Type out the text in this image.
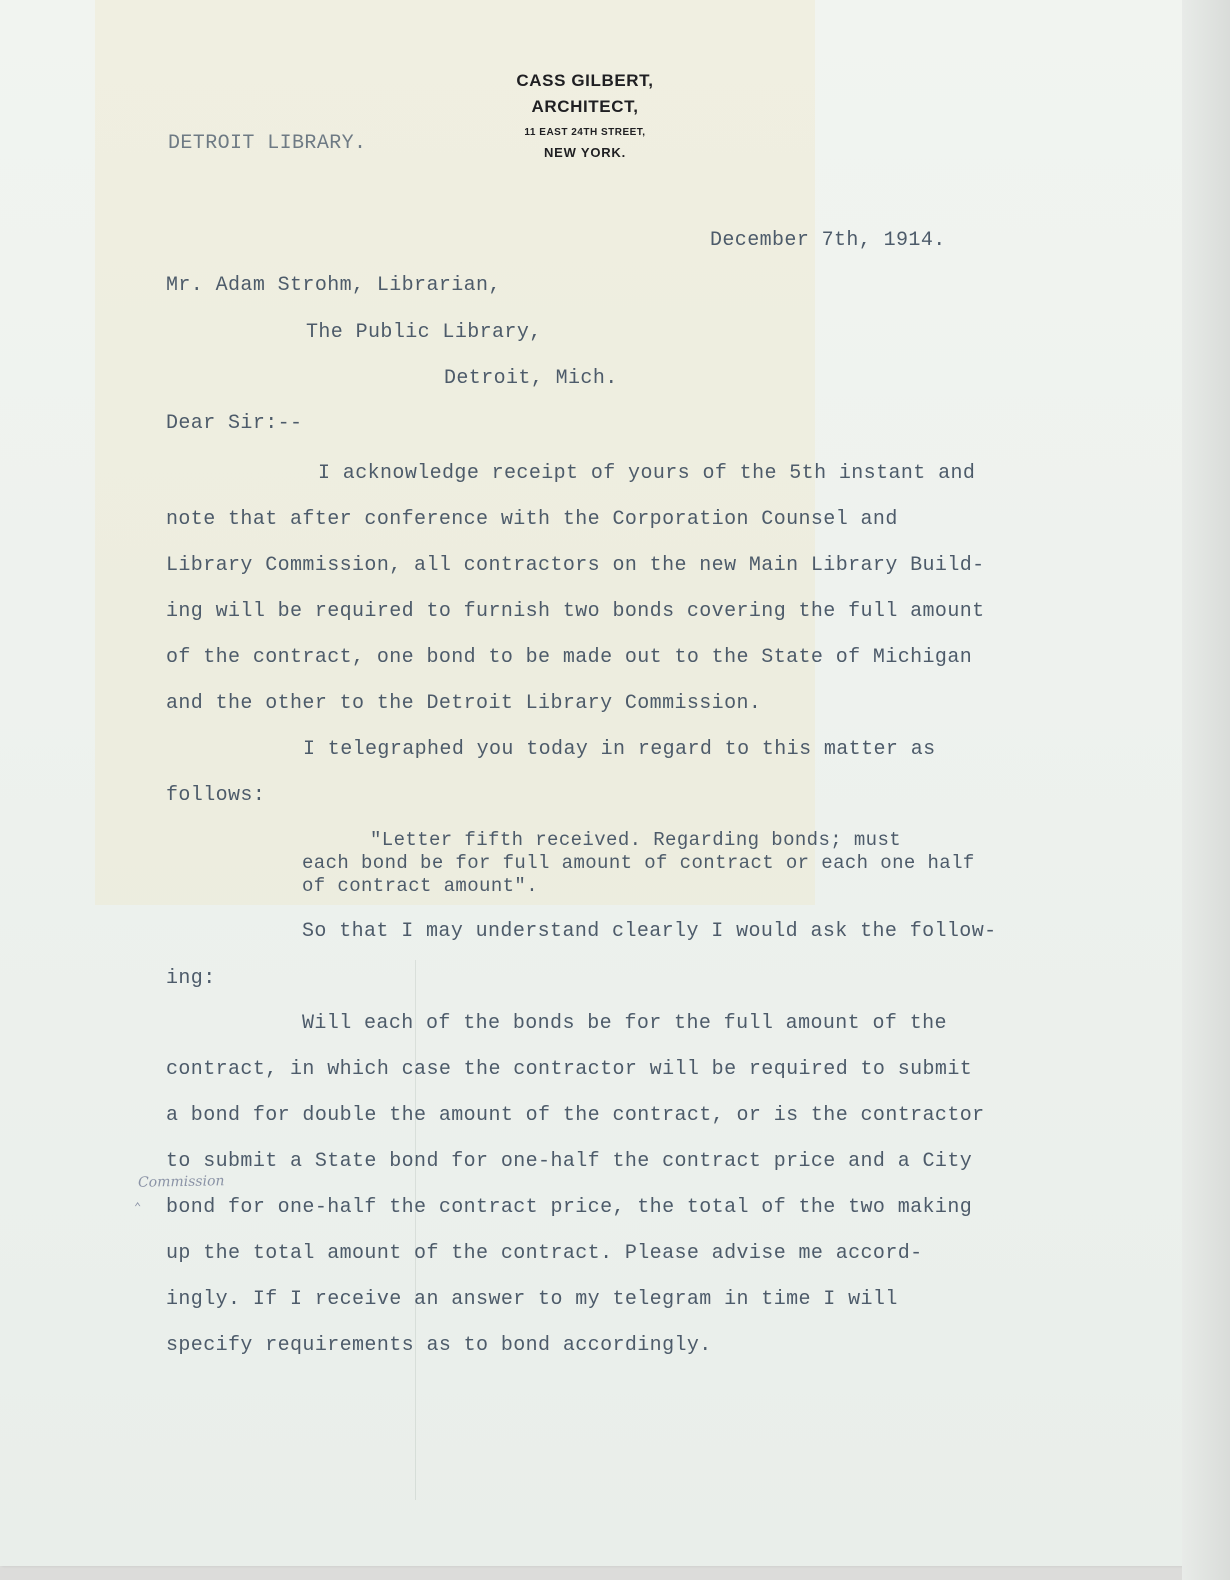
CASS GILBERT,
ARCHITECT,
11 EAST 24TH STREET,
NEW YORK.
DETROIT LIBRARY.
December 7th, 1914.
Mr. Adam Strohm, Librarian,
The Public Library,
Detroit, Mich.
Dear Sir:--
I acknowledge receipt of yours of the 5th instant and
note that after conference with the Corporation Counsel and
Library Commission, all contractors on the new Main Library Build-
ing will be required to furnish two bonds covering the full amount
of the contract, one bond to be made out to the State of Michigan
and the other to the Detroit Library Commission.
I telegraphed you today in regard to this matter as
follows:
"Letter fifth received. Regarding bonds; must
each bond be for full amount of contract or each one half
of contract amount".
So that I may understand clearly I would ask the follow-
ing:
Will each of the bonds be for the full amount of the
contract, in which case the contractor will be required to submit
a bond for double the amount of the contract, or is the contractor
to submit a State bond for one-half the contract price and a City
bond for one-half the contract price, the total of the two making
up the total amount of the contract. Please advise me accord-
ingly. If I receive an answer to my telegram in time I will
specify requirements as to bond accordingly.
Commission
⌃
